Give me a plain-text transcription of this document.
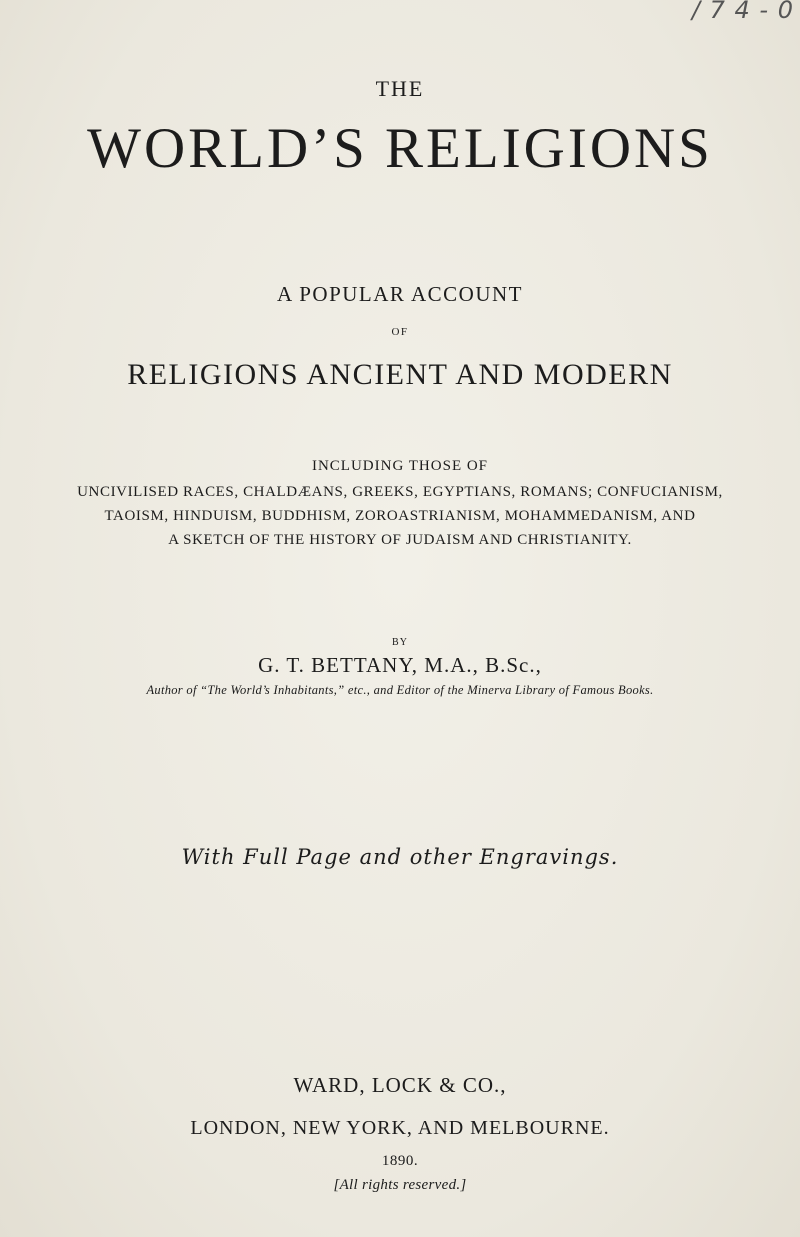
/ 7 4 - 0
THE
WORLD’S RELIGIONS
A POPULAR ACCOUNT
OF
RELIGIONS ANCIENT AND MODERN
INCLUDING THOSE OF
UNCIVILISED RACES, CHALDÆANS, GREEKS, EGYPTIANS, ROMANS; CONFUCIANISM,
TAOISM, HINDUISM, BUDDHISM, ZOROASTRIANISM, MOHAMMEDANISM, AND
A SKETCH OF THE HISTORY OF JUDAISM AND CHRISTIANITY.
BY
G. T. BETTANY, M.A., B.Sc.,
Author of “The World’s Inhabitants,” etc., and Editor of the Minerva Library of Famous Books.
With Full Page and other Engravings.
WARD, LOCK & CO.,
LONDON, NEW YORK, AND MELBOURNE.
1890.
[All rights reserved.]
